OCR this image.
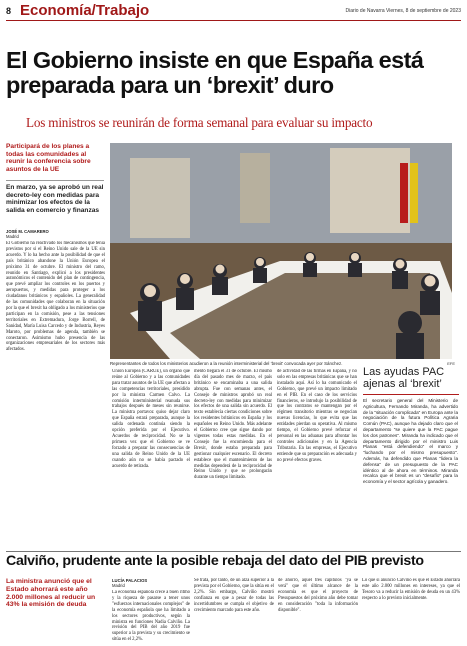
8 Economía/Trabajo	Diario de Navarra Viernes, 8 de septiembre de 2023
El Gobierno insiste en que España está preparada para un ‘brexit’ duro
Los ministros se reunirán de forma semanal para evaluar su impacto
Participará de los planes a todas las comunidades al reunir la conferencia sobre asuntos de la UE
En marzo, ya se aprobó un real decreto-ley con medidas para minimizar los efectos de la salida en comercio y finanzas
JOSÉ M. CAMARERO
Madrid
El Gobierno ha reactivado los mecanismos que tenía previstos por si el Reino Unido sale de la UE sin acuerdo. Y lo ha hecho ante la posibilidad de que el país británico abandone la Unión Europea el próximo 31 de octubre. El ministro del ramo, reunido en Santiago, explicó a los presidentes autonómicos el contenido del plan de contingencia, que prevé ampliar los controles en los puertos y aeropuertos, y medidas para proteger a los ciudadanos británicos y españoles. La generalidad de las comunidades que colaboran en la situación por la que el brexit ha obligado a los ministerios que participan en la comisión, pese a las tensiones territoriales en Extremadura, Jorge Borrell, de Sanidad, María Luisa Carcedo y de Industria, Reyes Maroto, por problemas de agenda, también se conectaron. Asimismo hubo presencia de las organizaciones empresariales de los sectores más afectados.
Representantes de todos los ministerios acudieron a la reunión interministerial del ‘brexit’ convocada ayer por Sánchez.	EFE
Unión Europea (CARUE), un órgano que reúne al Gobierno y a las comunidades para tratar asuntos de la UE que afectan a las competencias territoriales, presidido por la ministra Carmen Calvo. La comisión interministerial reanuda sus trabajos después de meses sin reunirse. La ministra portavoz quiso dejar claro que España estará preparada, aunque la salida ordenada continúa siendo la opción preferida por el Ejecutivo. Acuerdos de reciprocidad. No se la primera vez que el Gobierno se ve forzado a preparar las consecuencias de una salida de Reino Unido de la UE cuando aún no se había pactado el acuerdo de retirada.
mento llegará el 31 de octubre. El mismo día del pasado mes de marzo, el país británico se encaminaba a una salida abrupta. Fue con semanas antes, el Consejo de ministros aprobó un real decreto-ley con medidas para minimizar los efectos de una salida sin acuerdo. El texto establecía ciertas condiciones sobre los residentes británicos en España y los españoles en Reino Unido. Más adelante el Gobierno cree que sigue dando por vigentes todas estas medidas. En el Consejo fue la encomienda para el Brexit, donde estaba preparada para gestionar cualquier escenario. El decreto establece que el mantenimiento de las medidas dependerá de la reciprocidad de Reino Unido y que se prolongarán durante un tiempo limitado.
de actividad de las firmas en España, y no solo en las empresas británicas que se han instalado aquí. Así lo ha comunicado el Gobierno, que prevé un impacto limitado en el PIB. En el caso de los servicios financieros, se introdujo la posibilidad de que los contratos se mantengan por el régimen transitorio mientras se negocian nuevas licencias, lo que evita que las entidades pierdan su operativa. Al mismo tiempo, el Gobierno prevé reforzar el personal en las aduanas para afrontar los controles adicionales y en la Agencia Tributaria. En las empresas, el Ejecutivo entiende que su preparación es adecuada y no prevé efectos graves.
Las ayudas PAC ajenas al ‘brexit’
El secretario general del Ministerio de Agricultura, Fernando Miranda, ha advertido de la "situación complicada" en Europa ante la negociación de la futura Política Agraria Común (PAC), aunque ha dejado claro que el departamento "se quiere que la PAC pague los dos patrones". Miranda ha indicado que el departamento dirigido por el ministro Luis Planas "está defendiendo" el marco y "luchando por el mismo presupuesto". Además, ha defendido que Planas "lidera la defensa" de un presupuesto de la PAC idéntico al de ahora en términos. Miranda recalca que el brexit es un "desafío" para la economía y el sector agrícola y ganadero.
Calviño, prudente ante la posible rebaja del dato del PIB previsto
La ministra anunció que el Estado ahorrará este año 2.000 millones al reducir un 43% la emisión de deuda
LUCÍA PALACIOS
Madrid
La economía española crece a buen ritmo y la riqueza de pasarse a tener unos "esfuerzos internacionales complejos" de la economía española que ha limitado a los sectores productivos, según la ministra en funciones Nadia Calviño. La revisión del PIB del año 2019 fue superior a la prevista y su crecimiento se sitúa en el 2,2%.
Se trata, por tanto, de un alza superior a la prevista por el Gobierno, que la sitúa en el 2,2%. Sin embargo, Calviño mostró confianza en que a pesar de todas las incertidumbres se cumpla el objetivo de crecimiento marcado para este año.
de ahorro, aquel tres capítulos "ya se verá" que el último alcance de la economía es que el proyecto de Presupuestos del próximo año debe tomar en consideración "toda la información disponible".
Lo que sí anunció Calviño es que el Estado ahorrará este año 2.000 millones en intereses, ya que el Tesoro va a reducir la emisión de deuda en un 43% respecto a lo previsto inicialmente.
